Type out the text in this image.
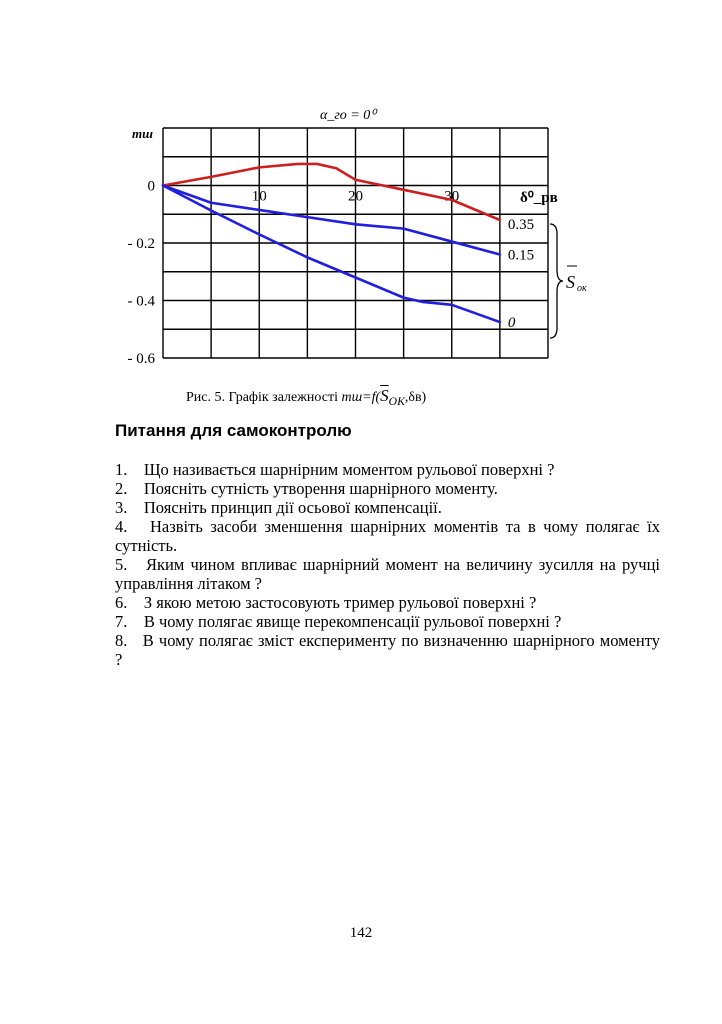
α_го = 0⁰
mш
δ⁰_рв
10	20	30
0
- 0.2
- 0.4
- 0.6
0.35
0.15
0
S ок
Рис. 5. Графік залежності $mш=f(\overline{S}_{ОК},\delta в)$
Питання для самоконтролю
1.    Що називається шарнірним моментом рульової поверхні ?
2.    Поясніть сутність утворення шарнірного моменту.
3.    Поясніть принцип дії осьової компенсації.
4.   Назвіть засоби зменшення шарнірних моментів та в чому полягає їх сутність.
5.   Яким чином впливає шарнірний момент на величину зусилля на ручці управління літаком ?
6.    З якою метою застосовують тример рульової поверхні ?
7.    В чому полягає явище перекомпенсації рульової поверхні ?
8.   В чому полягає зміст експерименту по визначенню шарнірного моменту ?
142
